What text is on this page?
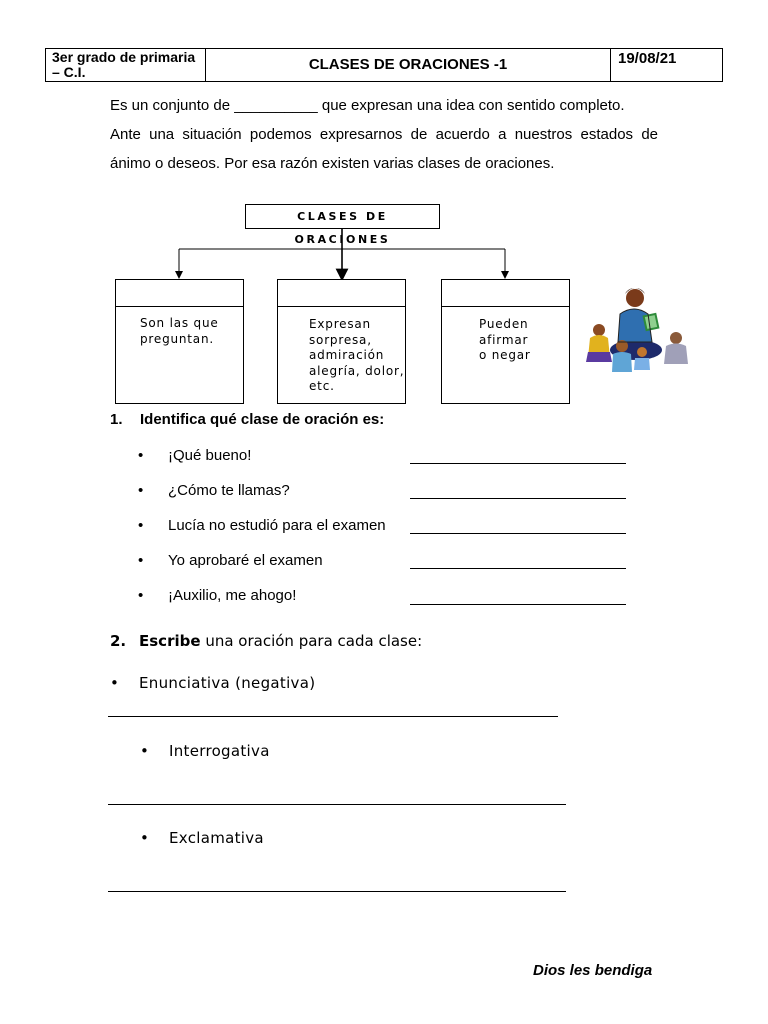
3er grado de primaria – C.I.	CLASES DE ORACIONES -1	19/08/21

Es un conjunto de __________ que expresan una idea con sentido completo.

Ante una situación podemos expresarnos de acuerdo a nuestros estados de

ánimo o deseos. Por esa razón existen varias clases de oraciones.

CLASES DE ORACIONES
Son las que
preguntan.
Expresan
sorpresa,
admiración
alegría, dolor,
etc.
Pueden
afirmar
o negar
1. Identifica qué clase de oración es:
• ¡Qué bueno!
• ¿Cómo te llamas?
• Lucía no estudió para el examen
• Yo aprobaré el examen
• ¡Auxilio, me ahogo!
2. Escribe una oración para cada clase:
• Enunciativa (negativa)
• Interrogativa
• Exclamativa
Dios les bendiga
